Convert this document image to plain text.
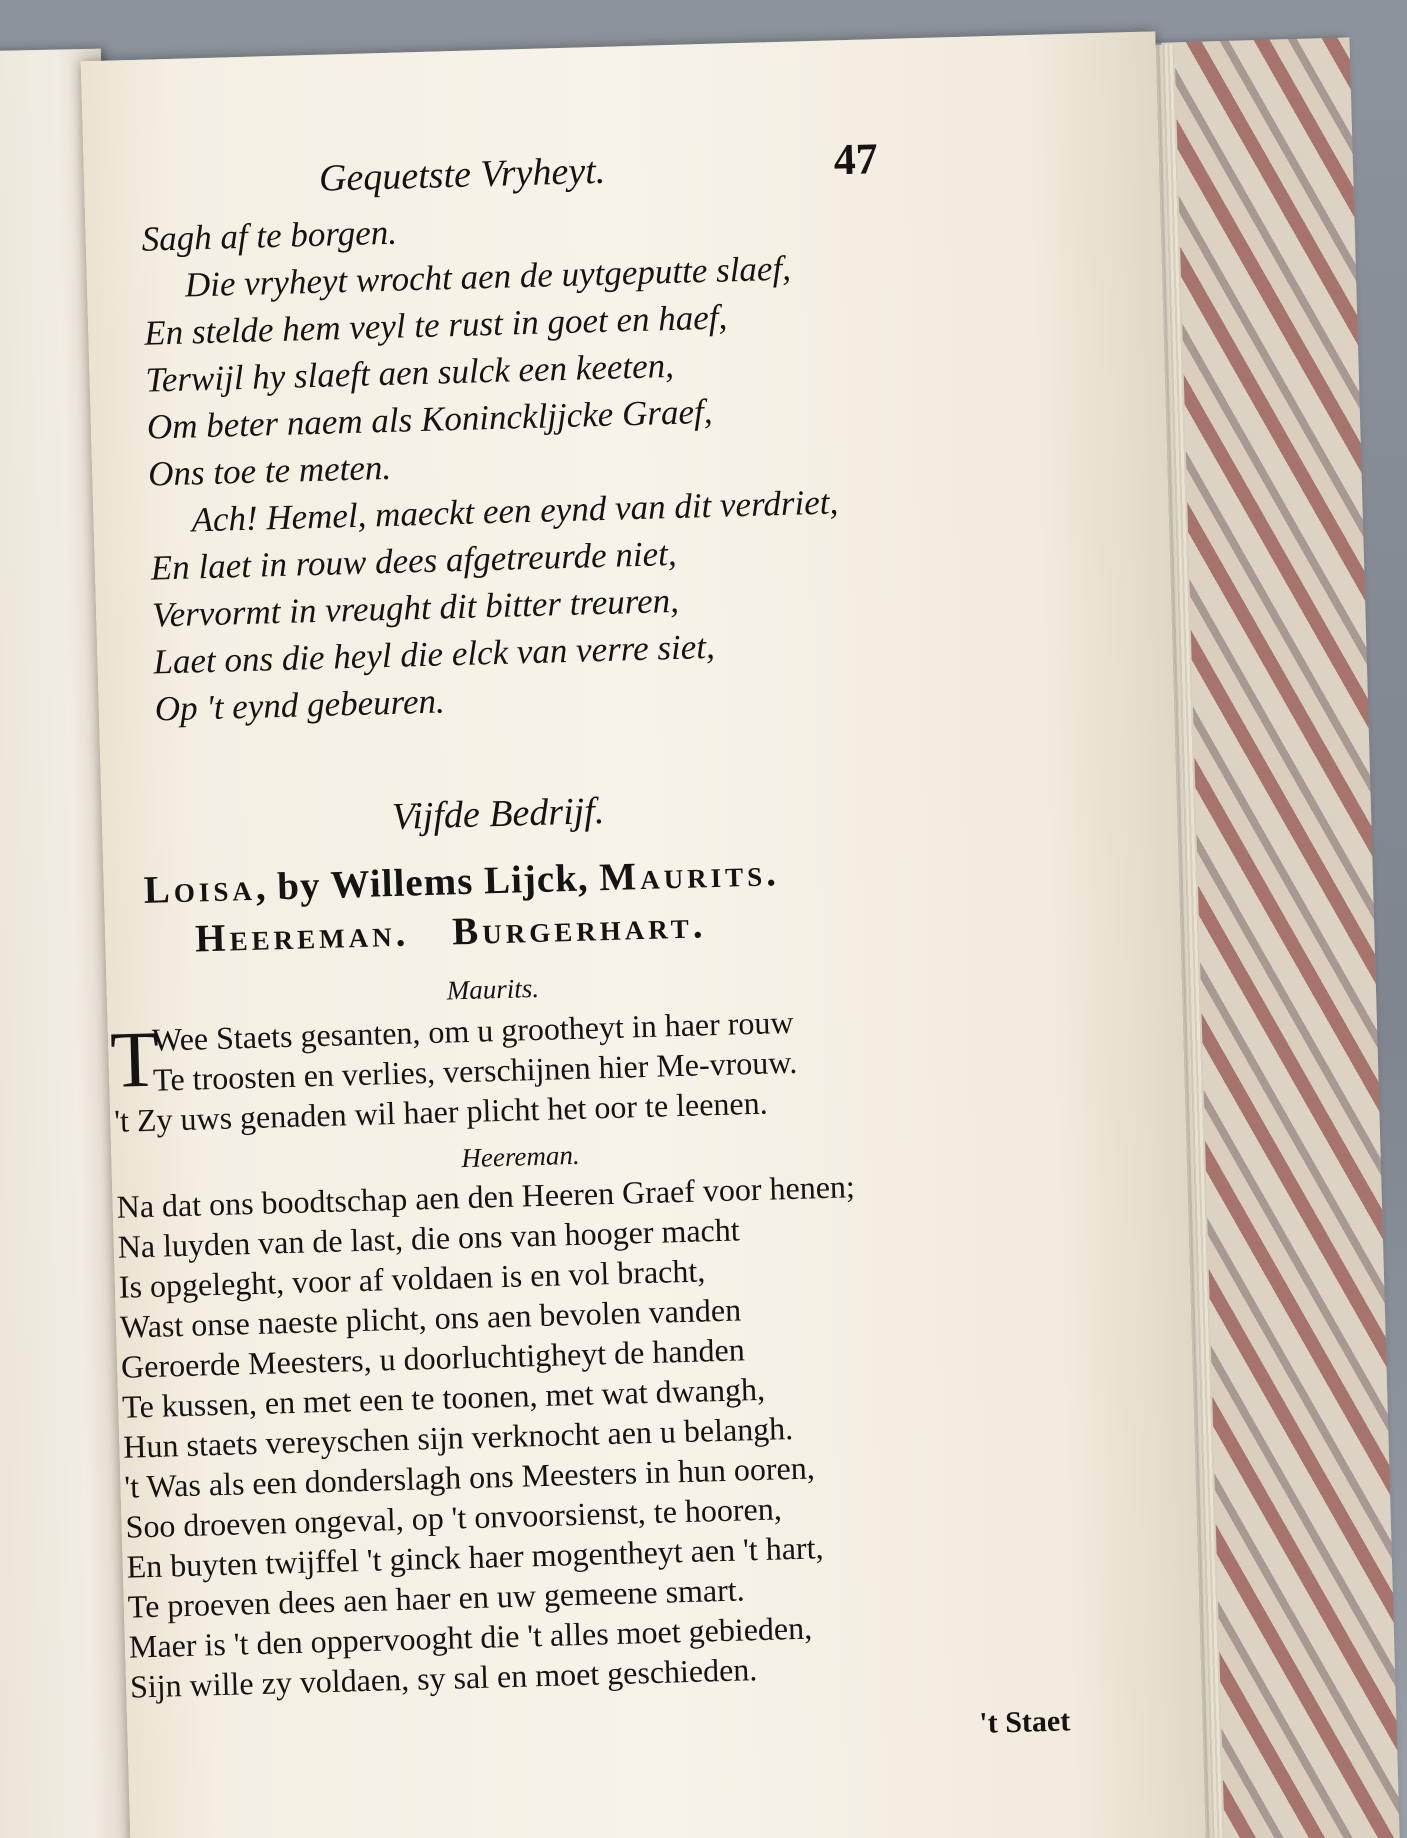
Gequetste Vryheyt.	47
Sagh af te borgen.
Die vryheyt wrocht aen de uytgeputte slaef,
En stelde hem veyl te rust in goet en haef,
Terwijl hy slaeft aen sulck een keeten,
Om beter naem als Koninckljjcke Graef,
Ons toe te meten.
Ach! Hemel, maeckt een eynd van dit verdriet,
En laet in rouw dees afgetreurde niet,
Vervormt in vreught dit bitter treuren,
Laet ons die heyl die elck van verre siet,
Op 't eynd gebeuren.
Vijfde Bedrijf.
Loisa, by Willems Lijck, Maurits.
Heereman. Burgerhart.
Maurits.
T
Wee Staets gesanten, om u grootheyt in haer rouw
Te troosten en verlies, verschijnen hier Me-vrouw.
't Zy uws genaden wil haer plicht het oor te leenen.
Heereman.
Na dat ons boodtschap aen den Heeren Graef voor henen;
Na luyden van de last, die ons van hooger macht
Is opgeleght, voor af voldaen is en vol bracht,
Wast onse naeste plicht, ons aen bevolen vanden
Geroerde Meesters, u doorluchtigheyt de handen
Te kussen, en met een te toonen, met wat dwangh,
Hun staets vereyschen sijn verknocht aen u belangh.
't Was als een donderslagh ons Meesters in hun ooren,
Soo droeven ongeval, op 't onvoorsienst, te hooren,
En buyten twijffel 't ginck haer mogentheyt aen 't hart,
Te proeven dees aen haer en uw gemeene smart.
Maer is 't den oppervooght die 't alles moet gebieden,
Sijn wille zy voldaen, sy sal en moet geschieden.
't Staet
